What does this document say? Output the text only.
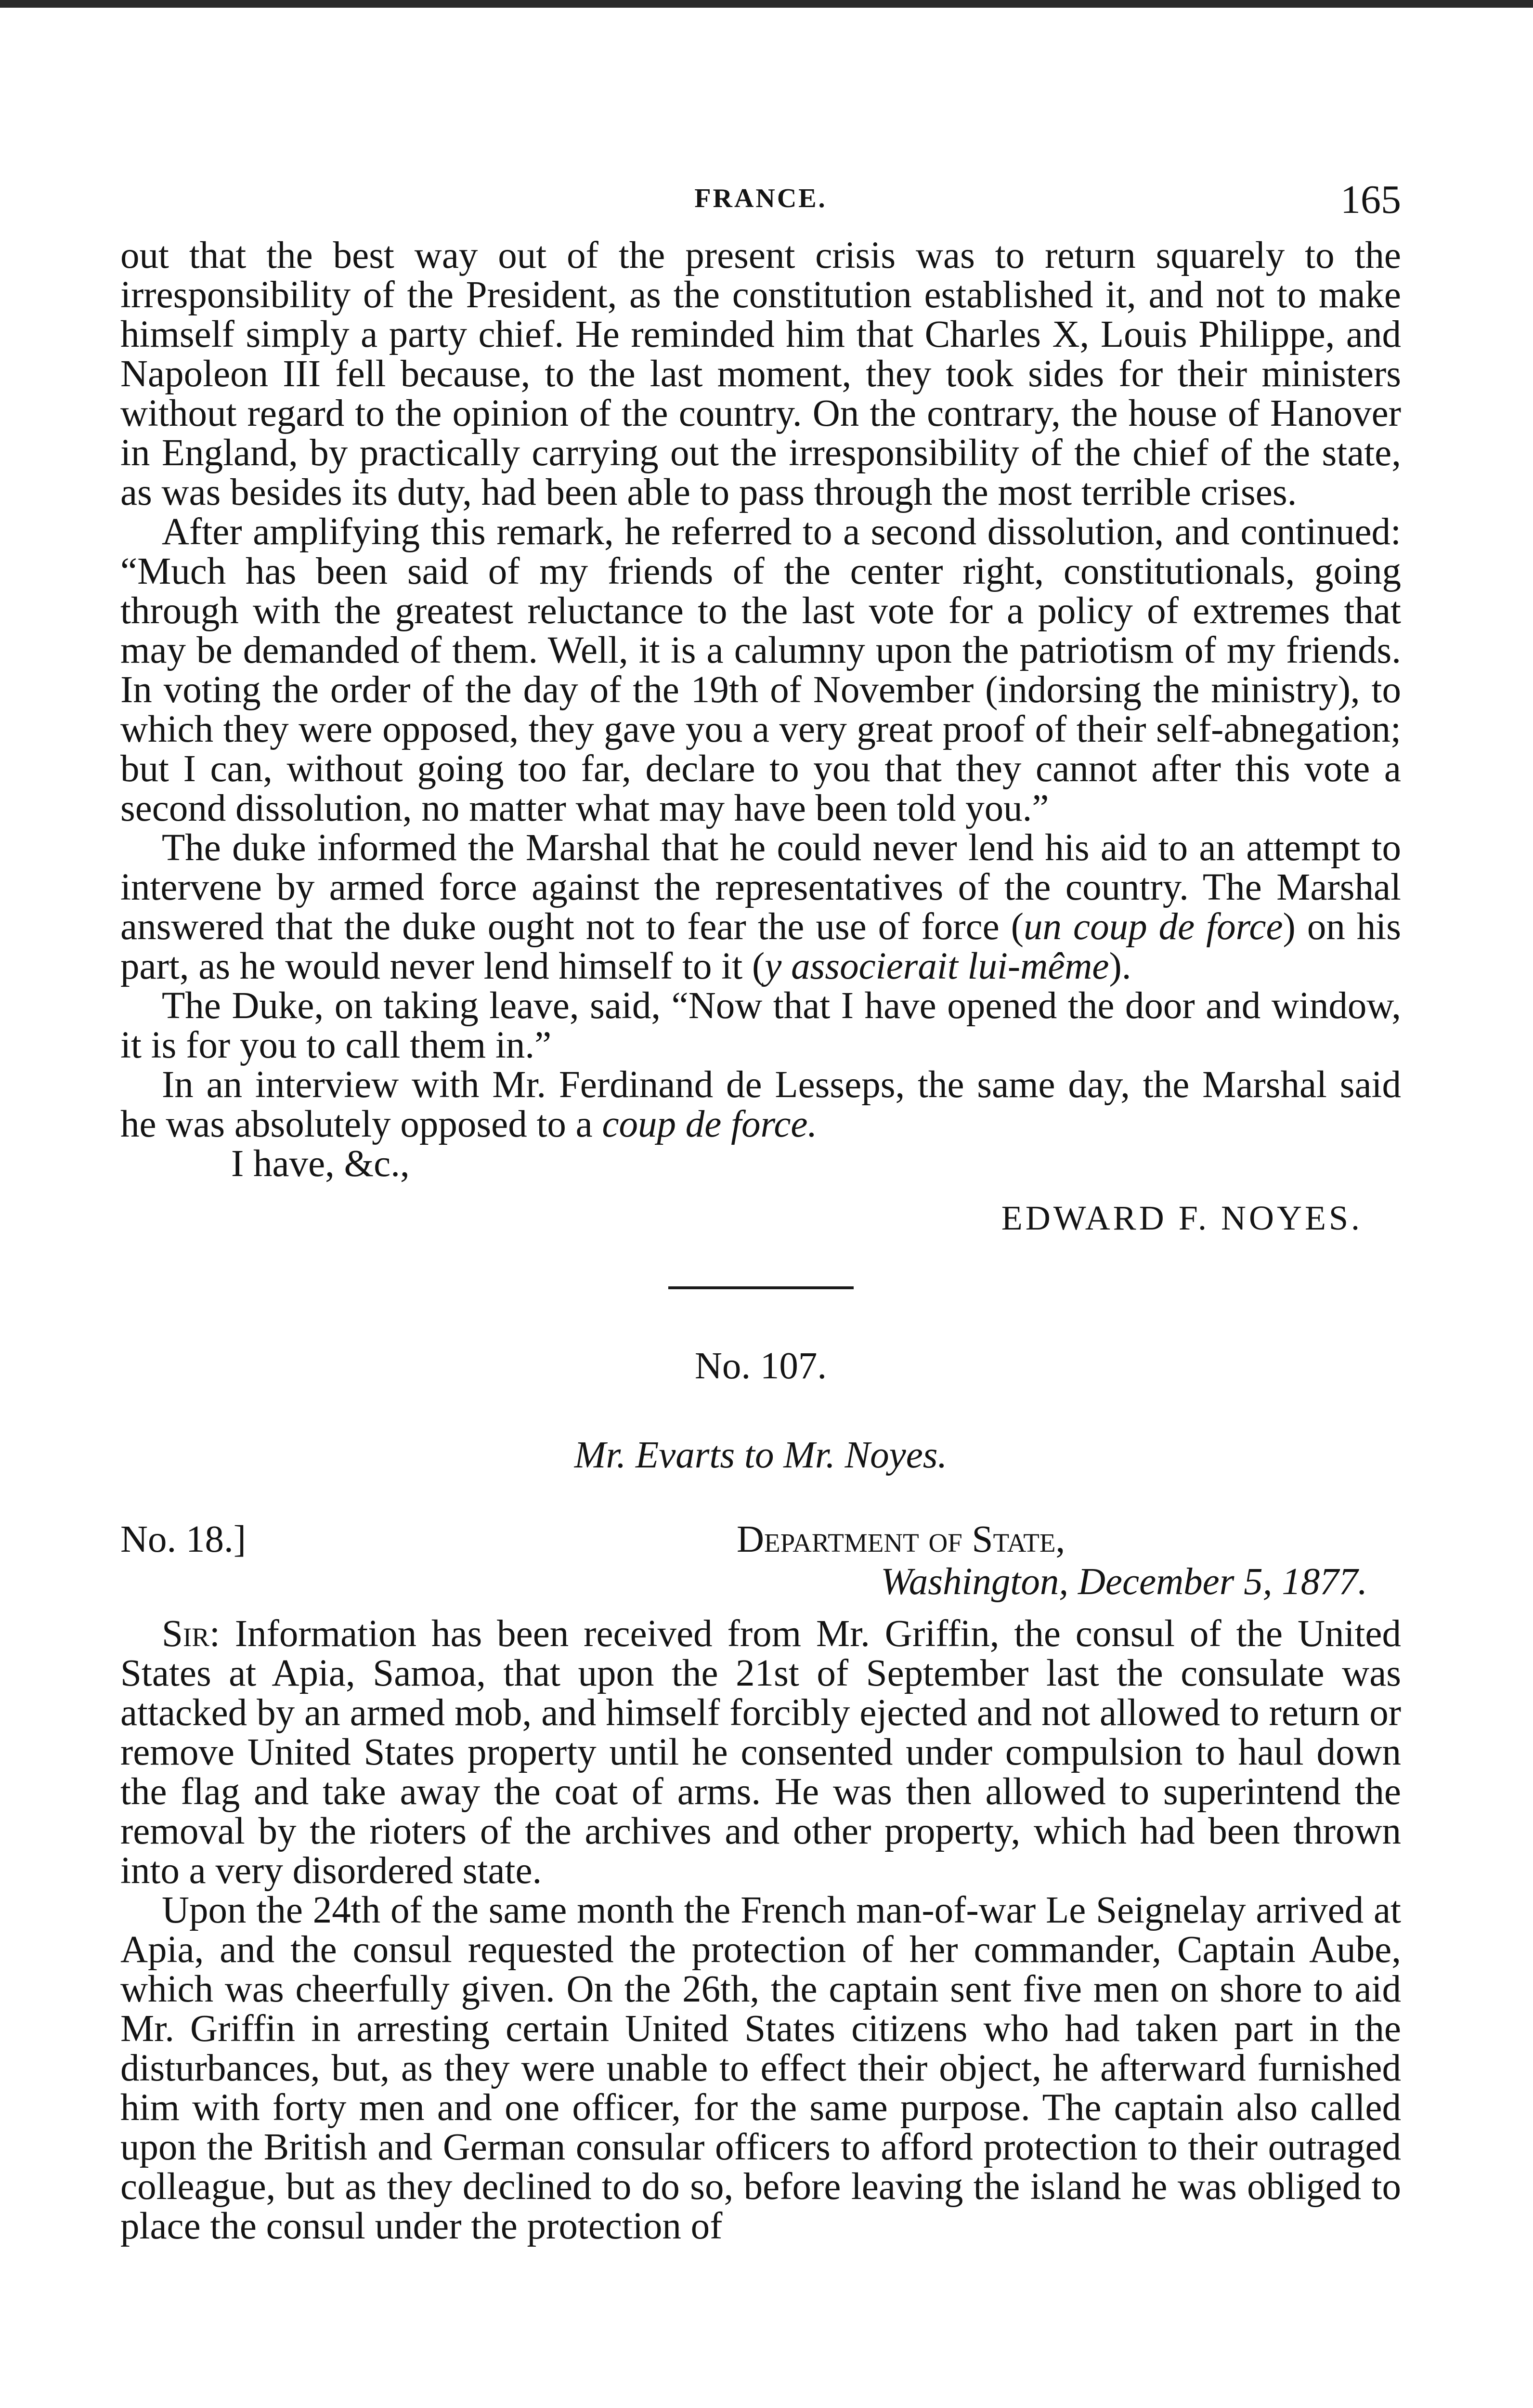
FRANCE.	165

out that the best way out of the present crisis was to return squarely to the irresponsibility of the President, as the constitution established it, and not to make himself simply a party chief. He reminded him that Charles X, Louis Philippe, and Napoleon III fell because, to the last moment, they took sides for their ministers without regard to the opinion of the country. On the contrary, the house of Hanover in England, by practically carrying out the irresponsibility of the chief of the state, as was besides its duty, had been able to pass through the most terrible crises.

After amplifying this remark, he referred to a second dissolution, and continued: “Much has been said of my friends of the center right, constitutionals, going through with the greatest reluctance to the last vote for a policy of extremes that may be demanded of them. Well, it is a calumny upon the patriotism of my friends. In voting the order of the day of the 19th of November (indorsing the ministry), to which they were opposed, they gave you a very great proof of their self-abnegation; but I can, without going too far, declare to you that they cannot after this vote a second dissolution, no matter what may have been told you.”

The duke informed the Marshal that he could never lend his aid to an attempt to intervene by armed force against the representatives of the country. The Marshal answered that the duke ought not to fear the use of force (un coup de force) on his part, as he would never lend himself to it (y associerait lui-même).

The Duke, on taking leave, said, “Now that I have opened the door and window, it is for you to call them in.”

In an interview with Mr. Ferdinand de Lesseps, the same day, the Marshal said he was absolutely opposed to a coup de force.

I have, &c.,

EDWARD F. NOYES.

No. 107.

Mr. Evarts to Mr. Noyes.

No. 18.]	Department of State,
Washington, December 5, 1877.

Sir: Information has been received from Mr. Griffin, the consul of the United States at Apia, Samoa, that upon the 21st of September last the consulate was attacked by an armed mob, and himself forcibly ejected and not allowed to return or remove United States property until he consented under compulsion to haul down the flag and take away the coat of arms. He was then allowed to superintend the removal by the rioters of the archives and other property, which had been thrown into a very disordered state.

Upon the 24th of the same month the French man-of-war Le Seignelay arrived at Apia, and the consul requested the protection of her commander, Captain Aube, which was cheerfully given. On the 26th, the captain sent five men on shore to aid Mr. Griffin in arresting certain United States citizens who had taken part in the disturbances, but, as they were unable to effect their object, he afterward furnished him with forty men and one officer, for the same purpose. The captain also called upon the British and German consular officers to afford protection to their outraged colleague, but as they declined to do so, before leaving the island he was obliged to place the consul under the protection of
